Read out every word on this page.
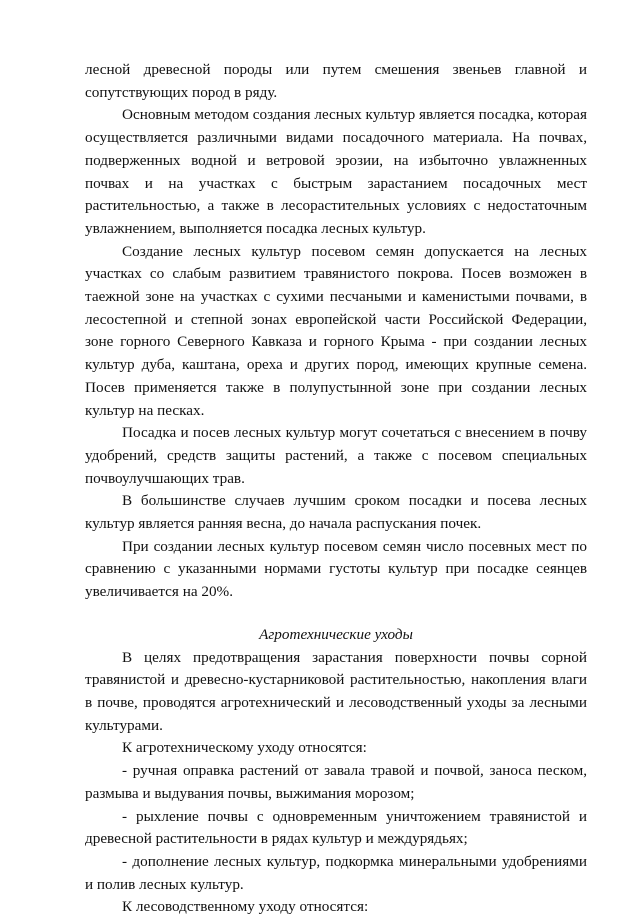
лесной древесной породы или путем смешения звеньев главной и сопутствующих пород в ряду.

Основным методом создания лесных культур является посадка, которая осуществляется различными видами посадочного материала. На почвах, подверженных водной и ветровой эрозии, на избыточно увлажненных почвах и на участках с быстрым зарастанием посадочных мест растительностью, а также в лесорастительных условиях с недостаточным увлажнением, выполняется посадка лесных культур.

Создание лесных культур посевом семян допускается на лесных участках со слабым развитием травянистого покрова. Посев возможен в таежной зоне на участках с сухими песчаными и каменистыми почвами, в лесостепной и степной зонах европейской части Российской Федерации, зоне горного Северного Кавказа и горного Крыма - при создании лесных культур дуба, каштана, ореха и других пород, имеющих крупные семена. Посев применяется также в полупустынной зоне при создании лесных культур на песках.

Посадка и посев лесных культур могут сочетаться с внесением в почву удобрений, средств защиты растений, а также с посевом специальных почвоулучшающих трав.

В большинстве случаев лучшим сроком посадки и посева лесных культур является ранняя весна, до начала распускания почек.

При создании лесных культур посевом семян число посевных мест по сравнению с указанными нормами густоты культур при посадке сеянцев увеличивается на 20%.

Агротехнические уходы

В целях предотвращения зарастания поверхности почвы сорной травянистой и древесно-кустарниковой растительностью, накопления влаги в почве, проводятся агротехнический и лесоводственный уходы за лесными культурами.

К агротехническому уходу относятся:

- ручная оправка растений от завала травой и почвой, заноса песком, размыва и выдувания почвы, выжимания морозом;

- рыхление почвы с одновременным уничтожением травянистой и древесной растительности в рядах культур и междурядьях;

- дополнение лесных культур, подкормка минеральными удобрениями и полив лесных культур.

К лесоводственному уходу относятся:
